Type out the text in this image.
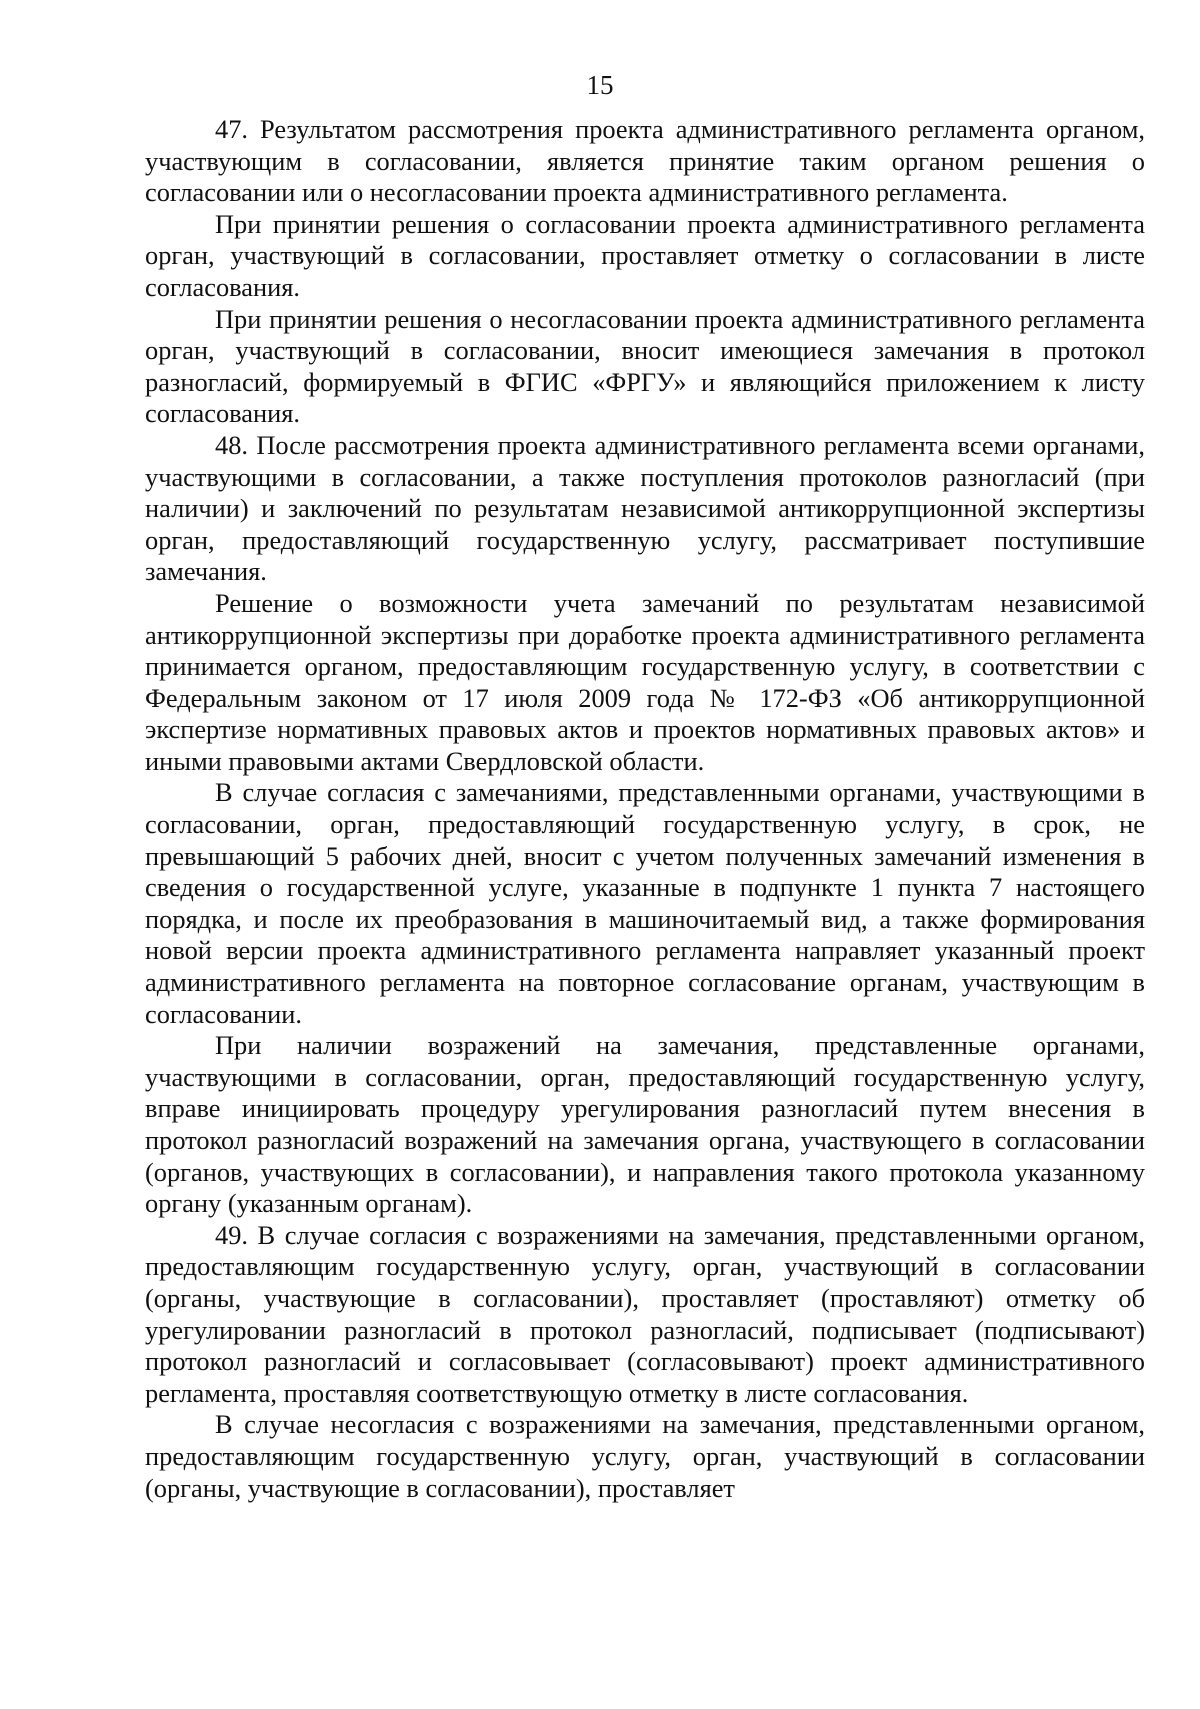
15

47. Результатом рассмотрения проекта административного регламента органом, участвующим в согласовании, является принятие таким органом решения о согласовании или о несогласовании проекта административного регламента.

При принятии решения о согласовании проекта административного регламента орган, участвующий в согласовании, проставляет отметку о согласовании в листе согласования.

При принятии решения о несогласовании проекта административного регламента орган, участвующий в согласовании, вносит имеющиеся замечания в протокол разногласий, формируемый в ФГИС «ФРГУ» и являющийся приложением к листу согласования.

48. После рассмотрения проекта административного регламента всеми органами, участвующими в согласовании, а также поступления протоколов разногласий (при наличии) и заключений по результатам независимой антикоррупционной экспертизы орган, предоставляющий государственную услугу, рассматривает поступившие замечания.

Решение о возможности учета замечаний по результатам независимой антикоррупционной экспертизы при доработке проекта административного регламента принимается органом, предоставляющим государственную услугу, в соответствии с Федеральным законом от 17 июля 2009 года № 172-ФЗ «Об антикоррупционной экспертизе нормативных правовых актов и проектов нормативных правовых актов» и иными правовыми актами Свердловской области.

В случае согласия с замечаниями, представленными органами, участвующими в согласовании, орган, предоставляющий государственную услугу, в срок, не превышающий 5 рабочих дней, вносит с учетом полученных замечаний изменения в сведения о государственной услуге, указанные в подпункте 1 пункта 7 настоящего порядка, и после их преобразования в машиночитаемый вид, а также формирования новой версии проекта административного регламента направляет указанный проект административного регламента на повторное согласование органам, участвующим в согласовании.

При наличии возражений на замечания, представленные органами, участвующими в согласовании, орган, предоставляющий государственную услугу, вправе инициировать процедуру урегулирования разногласий путем внесения в протокол разногласий возражений на замечания органа, участвующего в согласовании (органов, участвующих в согласовании), и направления такого протокола указанному органу (указанным органам).

49. В случае согласия с возражениями на замечания, представленными органом, предоставляющим государственную услугу, орган, участвующий в согласовании (органы, участвующие в согласовании), проставляет (проставляют) отметку об урегулировании разногласий в протокол разногласий, подписывает (подписывают) протокол разногласий и согласовывает (согласовывают) проект административного регламента, проставляя соответствующую отметку в листе согласования.

В случае несогласия с возражениями на замечания, представленными органом, предоставляющим государственную услугу, орган, участвующий в согласовании (органы, участвующие в согласовании), проставляет
